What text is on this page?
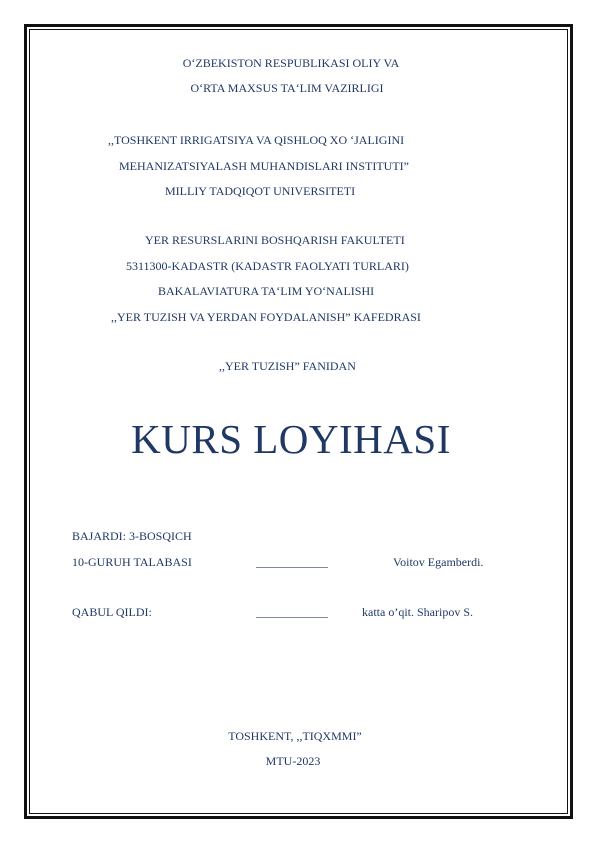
O‘ZBEKISTON RESPUBLIKASI OLIY VA
O‘RTA MAXSUS TA‘LIM VAZIRLIGI
,,TOSHKENT IRRIGATSIYA VA QISHLOQ XO ‘JALIGINI
MEHANIZATSIYALASH MUHANDISLARI INSTITUTI”
MILLIY TADQIQOT UNIVERSITETI
YER RESURSLARINI BOSHQARISH FAKULTETI
5311300-KADASTR (KADASTR FAOLYATI TURLARI)
BAKALAVIATURA TA‘LIM YO‘NALISHI
,,YER TUZISH VA YERDAN FOYDALANISH” KAFEDRASI
,,YER TUZISH” FANIDAN
KURS LOYIHASI
BAJARDI: 3-BOSQICH
10-GURUH TALABASI	____________	Voitov Egamberdi.
QABUL QILDI:	____________	katta o’qit. Sharipov S.
TOSHKENT, ,,TIQXMMI”
MTU-2023
